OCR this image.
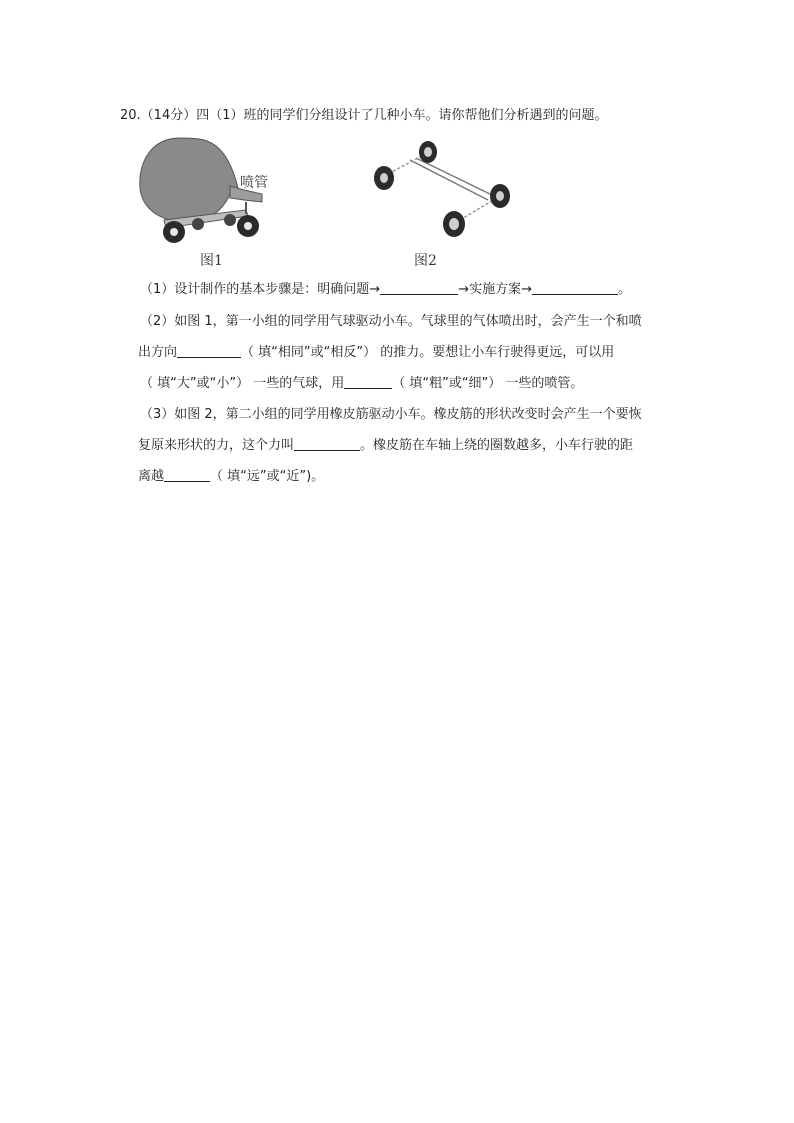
20.（14分）四（1）班的同学们分组设计了几种小车。请你帮他们分析遇到的问题。
喷管
图1	图2
（1）设计制作的基本步骤是：明确问题→	→实施方案→	。
（2）如图 1，第一小组的同学用气球驱动小车。气球里的气体喷出时，会产生一个和喷
出方向	（ 填“相同”或“相反”） 的推力。要想让小车行驶得更远，可以用
（ 填“大”或“小”） 一些的气球，用	（ 填“粗”或“细”） 一些的喷管。
（3）如图 2，第二小组的同学用橡皮筋驱动小车。橡皮筋的形状改变时会产生一个要恢
复原来形状的力，这个力叫	。橡皮筋在车轴上绕的圈数越多，小车行驶的距
离越	（ 填“远”或“近”)。
